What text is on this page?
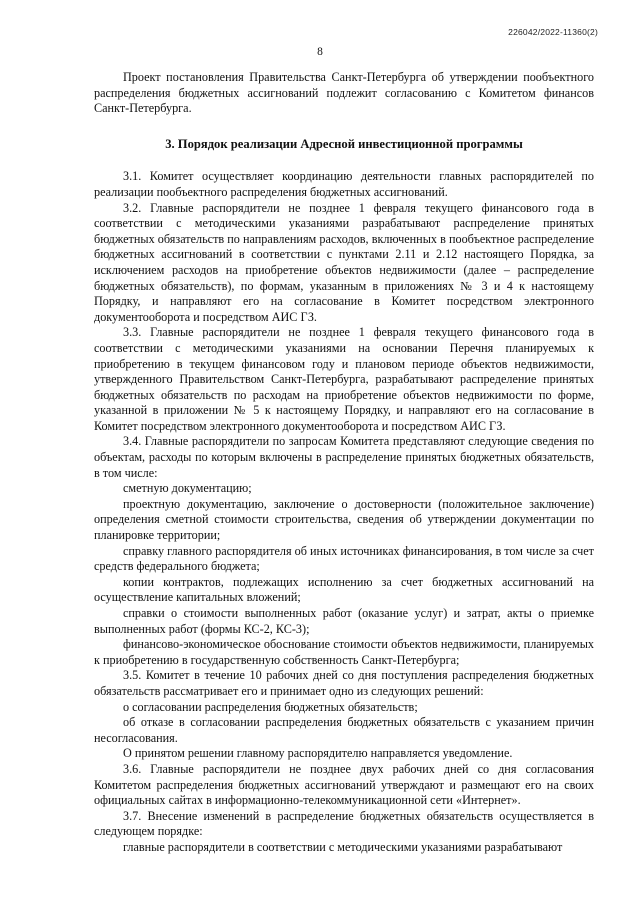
226042/2022-11360(2)
8

Проект постановления Правительства Санкт-Петербурга об утверждении пообъектного распределения бюджетных ассигнований подлежит согласованию с Комитетом финансов Санкт-Петербурга.

3. Порядок реализации Адресной инвестиционной программы

3.1. Комитет осуществляет координацию деятельности главных распорядителей по реализации пообъектного распределения бюджетных ассигнований.

3.2. Главные распорядители не позднее 1 февраля текущего финансового года в соответствии с методическими указаниями разрабатывают распределение принятых бюджетных обязательств по направлениям расходов, включенных в пообъектное распределение бюджетных ассигнований в соответствии с пунктами 2.11 и 2.12 настоящего Порядка, за исключением расходов на приобретение объектов недвижимости (далее – распределение бюджетных обязательств), по формам, указанным в приложениях № 3 и 4 к настоящему Порядку, и направляют его на согласование в Комитет посредством электронного документооборота и посредством АИС ГЗ.

3.3. Главные распорядители не позднее 1 февраля текущего финансового года в соответствии с методическими указаниями на основании Перечня планируемых к приобретению в текущем финансовом году и плановом периоде объектов недвижимости, утвержденного Правительством Санкт-Петербурга, разрабатывают распределение принятых бюджетных обязательств по расходам на приобретение объектов недвижимости по форме, указанной в приложении № 5 к настоящему Порядку, и направляют его на согласование в Комитет посредством электронного документооборота и посредством АИС ГЗ.

3.4. Главные распорядители по запросам Комитета представляют следующие сведения по объектам, расходы по которым включены в распределение принятых бюджетных обязательств, в том числе:

сметную документацию;

проектную документацию, заключение о достоверности (положительное заключение) определения сметной стоимости строительства, сведения об утверждении документации по планировке территории;

справку главного распорядителя об иных источниках финансирования, в том числе за счет средств федерального бюджета;

копии контрактов, подлежащих исполнению за счет бюджетных ассигнований на осуществление капитальных вложений;

справки о стоимости выполненных работ (оказание услуг) и затрат, акты о приемке выполненных работ (формы КС-2, КС-3);

финансово-экономическое обоснование стоимости объектов недвижимости, планируемых к приобретению в государственную собственность Санкт-Петербурга;

3.5. Комитет в течение 10 рабочих дней со дня поступления распределения бюджетных обязательств рассматривает его и принимает одно из следующих решений:

о согласовании распределения бюджетных обязательств;

об отказе в согласовании распределения бюджетных обязательств с указанием причин несогласования.

О принятом решении главному распорядителю направляется уведомление.

3.6. Главные распорядители не позднее двух рабочих дней со дня согласования Комитетом распределения бюджетных ассигнований утверждают и размещают его на своих официальных сайтах в информационно-телекоммуникационной сети «Интернет».

3.7. Внесение изменений в распределение бюджетных обязательств осуществляется в следующем порядке:

главные распорядители в соответствии с методическими указаниями разрабатывают
